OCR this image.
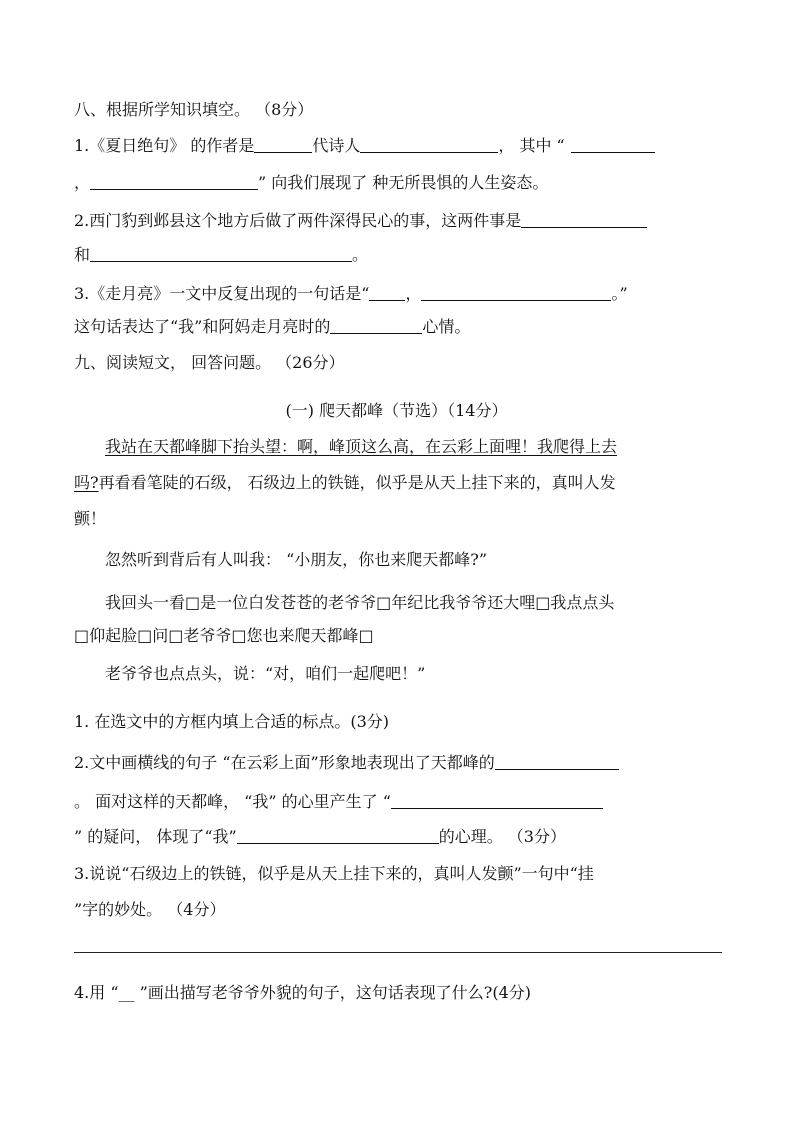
八、根据所学知识填空。 （8分）
1.《夏日绝句》 的作者是	代诗人	， 其中 “
，	” 向我们展现了 种无所畏惧的人生姿态。
2.西门豹到邺县这个地方后做了两件深得民心的事，这两件事是
和	。
3.《走月亮》一文中反复出现的一句话是“ ，	。”
这句话表达了“我”和阿妈走月亮时的	心情。
九、阅读短文， 回答问题。 （26分）
(一) 爬天都峰（节选）（14分）
我站在天都峰脚下抬头望：啊，峰顶这么高，在云彩上面哩！我爬得上去
吗?再看看笔陡的石级， 石级边上的铁链，似乎是从天上挂下来的，真叫人发
颤！
忽然听到背后有人叫我： “小朋友，你也来爬天都峰?”
我回头一看□是一位白发苍苍的老爷爷□年纪比我爷爷还大哩□我点点头
□仰起脸□问□老爷爷□您也来爬天都峰□
老爷爷也点点头，说：“对，咱们一起爬吧！”
1. 在选文中的方框内填上合适的标点。(3分)
2.文中画横线的句子 “在云彩上面”形象地表现出了天都峰的
。 面对这样的天都峰， “我” 的心里产生了 “
” 的疑问， 体现了“我”	的心理。 （3分）
3.说说“石级边上的铁链，似乎是从天上挂下来的，真叫人发颤”一句中“挂
”字的妙处。 （4分）
4.用 “__ ”画出描写老爷爷外貌的句子，这句话表现了什么?(4分)
